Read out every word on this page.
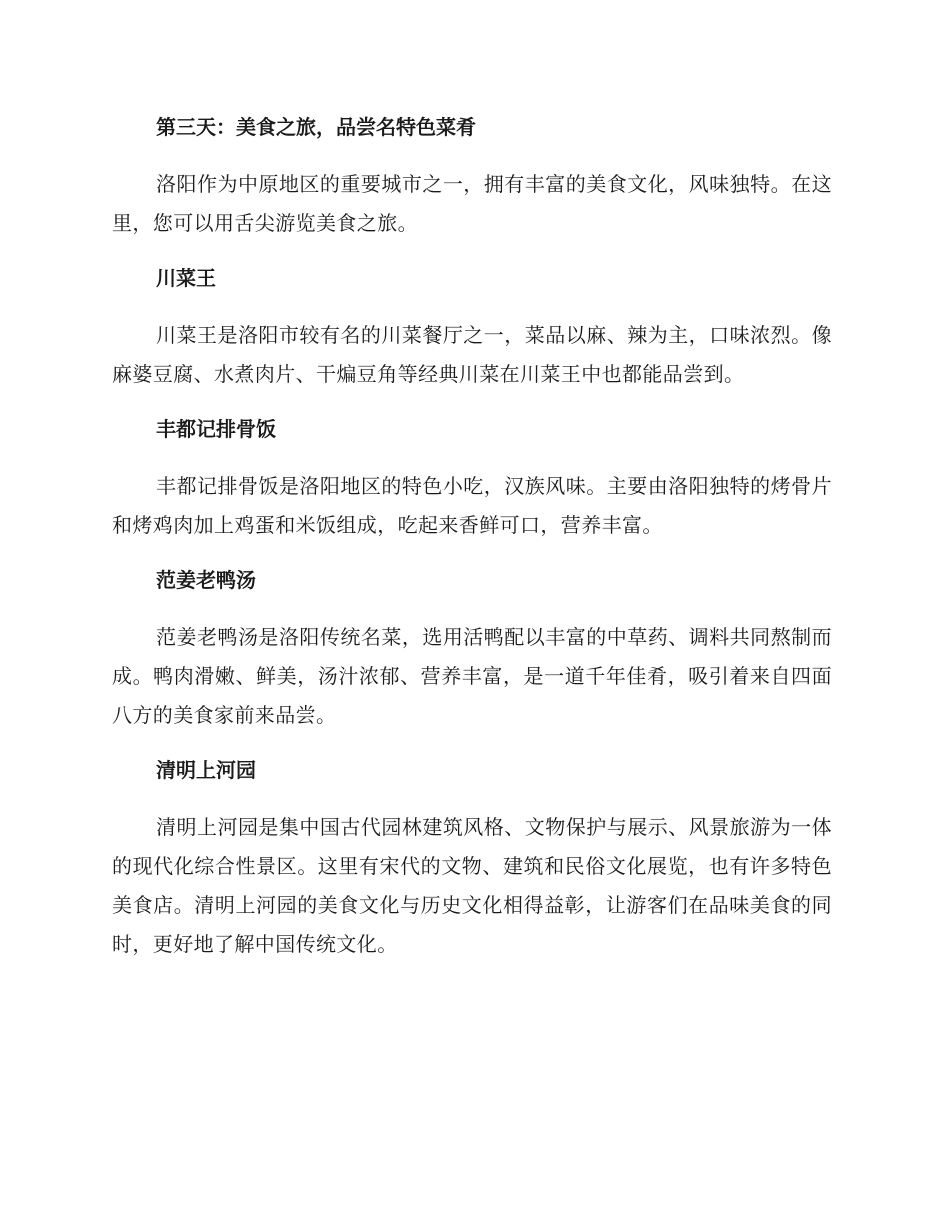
第三天：美食之旅，品尝名特色菜肴

洛阳作为中原地区的重要城市之一，拥有丰富的美食文化，风味独特。在这里，您可以用舌尖游览美食之旅。

川菜王

川菜王是洛阳市较有名的川菜餐厅之一，菜品以麻、辣为主，口味浓烈。像麻婆豆腐、水煮肉片、干煸豆角等经典川菜在川菜王中也都能品尝到。

丰都记排骨饭

丰都记排骨饭是洛阳地区的特色小吃，汉族风味。主要由洛阳独特的烤骨片和烤鸡肉加上鸡蛋和米饭组成，吃起来香鲜可口，营养丰富。

范姜老鸭汤

范姜老鸭汤是洛阳传统名菜，选用活鸭配以丰富的中草药、调料共同熬制而成。鸭肉滑嫩、鲜美，汤汁浓郁、营养丰富，是一道千年佳肴，吸引着来自四面八方的美食家前来品尝。

清明上河园

清明上河园是集中国古代园林建筑风格、文物保护与展示、风景旅游为一体的现代化综合性景区。这里有宋代的文物、建筑和民俗文化展览，也有许多特色美食店。清明上河园的美食文化与历史文化相得益彰，让游客们在品味美食的同时，更好地了解中国传统文化。
